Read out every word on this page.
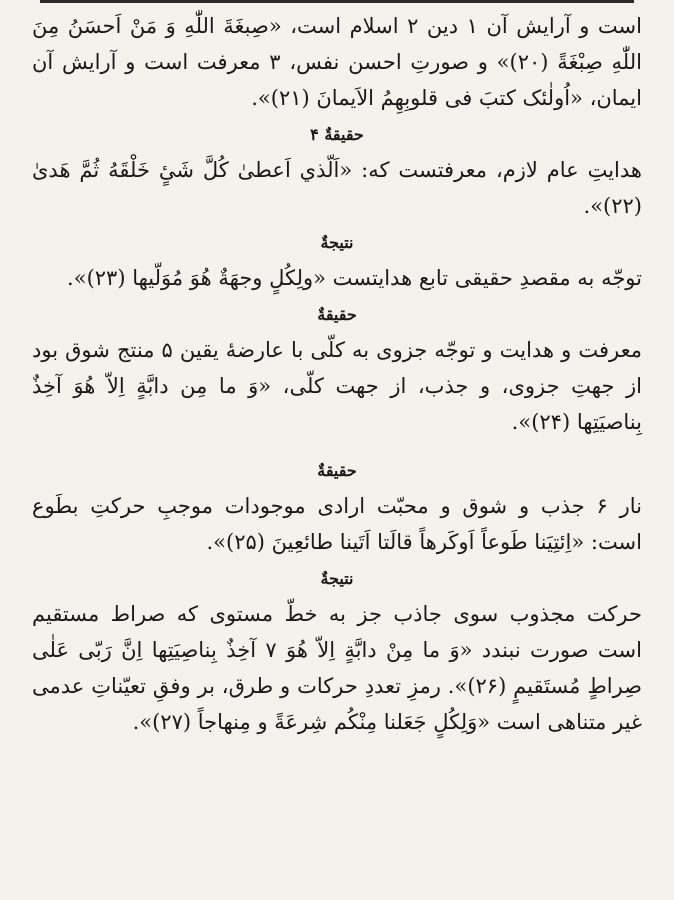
است و آرایش آن ۱ دین ۲ اسلام است، «صِبغَةَ اللّٰهِ وَ مَنْ اَحسَنُ مِنَ اللّٰهِ صِبْغَةً (۲۰)» و صورتِ احسن نفس، ۳ معرفت است و آرایش آن ایمان، «اُولٰئک کتبَ فی قلوبِهِمُ الاَیمانَ (۲۱)».

حقیقةٌ ۴

هدایتِ عام لازم، معرفتست که: «اَلّذي اَعطیٰ کُلَّ شَیٍٔ خَلْقَهُ ثُمَّ هَدیٰ (۲۲)».

نتیجةٌ

توجّه به مقصدِ حقیقی تابع هدایتست «ولِکُلٍ وجهَةٌ هُوَ مُوَلّیها (۲۳)».

حقیقةٌ

معرفت و هدایت و توجّه جزوی به کلّی با عارضهٔ یقین ۵ منتج شوق بود از جهتِ جزوی، و جذب، از جهت کلّی، «وَ ما مِن دابَّةٍ اِلاّ هُوَ آخِذٌ بِناصیَتِها (۲۴)».

حقیقةٌ

نار ۶ جذب و شوق و محبّت ارادی موجودات موجبِ حرکتِ بطَوع است: «اِئتِیَنا طَوعاً اَوکَرهاً قالَتا اَتَینا طائعِینَ (۲۵)».

نتیجةٌ

حرکت مجذوب سوی جاذب جز به خطّ مستوی که صراط مستقیم است صورت نبندد «وَ ما مِنْ دابَّةٍ اِلاّ هُوَ ۷ آخِذٌ بِناصِیَتِها اِنَّ رَبّی عَلٰی صِراطٍ مُستَقیمٍ (۲۶)». رمزِ تعددِ حرکات و طرق، بر وفقِ تعیّناتِ عدمی غیر متناهی است «وَلِکُلٍ جَعَلنا مِنْکُم شِرعَةً و مِنهاجاً (۲۷)».
